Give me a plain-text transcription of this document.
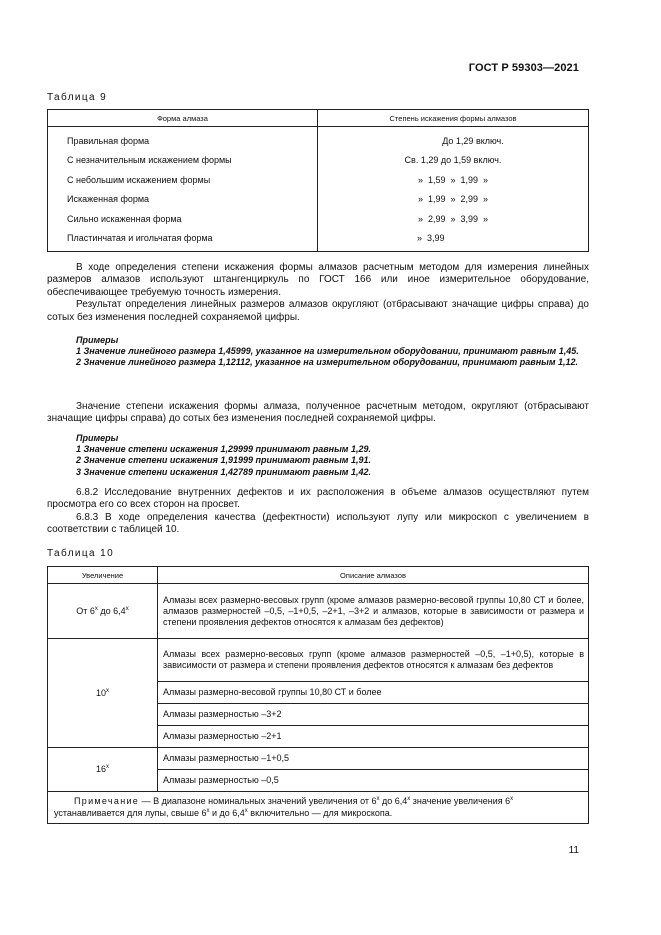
ГОСТ Р 59303—2021
Таблица 9
Форма алмаза	Степень искажения формы алмазов
Правильная форма	До 1,29 включ.
С незначительным искажением формы	Св. 1,29 до 1,59 включ.
С небольшим искажением формы	»  1,59  »  1,99  »
Искаженная форма	»  1,99  »  2,99  »
Сильно искаженная форма	»  2,99  »  3,99  »
Пластинчатая и игольчатая форма	»  3,99

В ходе определения степени искажения формы алмазов расчетным методом для измерения линейных размеров алмазов используют штангенциркуль по ГОСТ 166 или иное измерительное оборудование, обеспечивающее требуемую точность измерения.

Результат определения линейных размеров алмазов округляют (отбрасывают значащие цифры справа) до сотых без изменения последней сохраняемой цифры.

Примеры

1 Значение линейного размера 1,45999, указанное на измерительном оборудовании, принимают равным 1,45.

2 Значение линейного размера 1,12112, указанное на измерительном оборудовании, принимают равным 1,12.

Значение степени искажения формы алмаза, полученное расчетным методом, округляют (отбрасывают значащие цифры справа) до сотых без изменения последней сохраняемой цифры.

Примеры

1 Значение степени искажения 1,29999 принимают равным 1,29.

2 Значение степени искажения 1,91999 принимают равным 1,91.

3 Значение степени искажения 1,42789 принимают равным 1,42.

6.8.2 Исследование внутренних дефектов и их расположения в объеме алмазов осуществляют путем просмотра его со всех сторон на просвет.

6.8.3 В ходе определения качества (дефектности) используют лупу или микроскоп с увеличением в соответствии с таблицей 10.

Таблица 10
Увеличение	Описание алмазов
От 6$^x$ до 6,4$^x$	Алмазы всех размерно-весовых групп (кроме алмазов размерно-весовой группы 10,80 СТ и более, алмазов размерностей –0,5, –1+0,5, –2+1, –3+2 и алмазов, которые в зависимости от размера и степени проявления дефектов относятся к алмазам без дефектов)
10$^x$	Алмазы всех размерно-весовых групп (кроме алмазов размерностей –0,5, –1+0,5), которые в зависимости от размера и степени проявления дефектов относятся к алмазам без дефектов
	Алмазы размерно-весовой группы 10,80 СТ и более
	Алмазы размерностью –3+2
	Алмазы размерностью –2+1
16$^x$	Алмазы размерностью –1+0,5
	Алмазы размерностью –0,5
Примечание — В диапазоне номинальных значений увеличения от 6$^x$ до 6,4$^x$ значение увеличения 6$^x$ устанавливается для лупы, свыше 6$^x$ и до 6,4$^x$ включительно — для микроскопа.	
11
